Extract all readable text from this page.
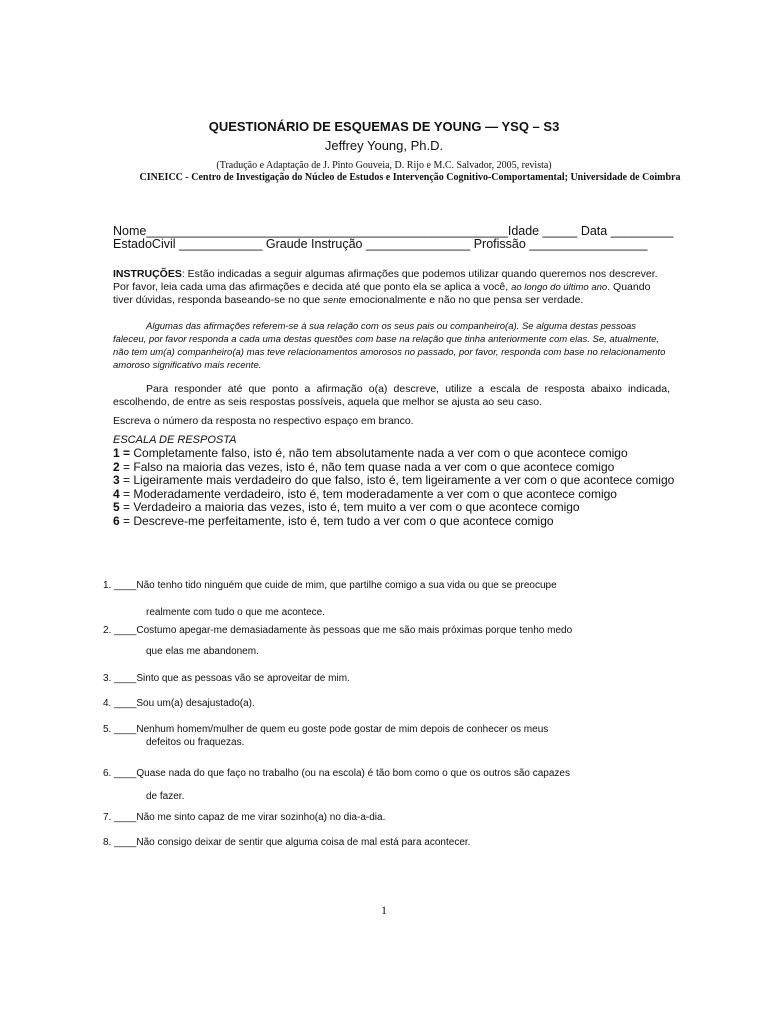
QUESTIONÁRIO DE ESQUEMAS DE YOUNG — YSQ – S3
Jeffrey Young, Ph.D.
(Tradução e Adaptação de J. Pinto Gouveia, D. Rijo e M.C. Salvador, 2005, revista)
CINEICC - Centro de Investigação do Núcleo de Estudos e Intervenção Cognitivo-Comportamental; Universidade de Coimbra
Nome____________________________________________________Idade _____ Data _________
EstadoCivil ____________ Graude Instrução _______________ Profissão _________________
INSTRUÇÕES: Estão indicadas a seguir algumas afirmações que podemos utilizar quando queremos nos descrever. Por favor, leia cada uma das afirmações e decida até que ponto ela se aplica a você, ao longo do último ano. Quando tiver dúvidas, responda baseando-se no que sente emocionalmente e não no que pensa ser verdade.
Algumas das afirmações referem-se à sua relação com os seus pais ou companheiro(a). Se alguma destas pessoas faleceu, por favor responda a cada uma destas questões com base na relação que tinha anteriormente com elas. Se, atualmente, não tem um(a) companheiro(a) mas teve relacionamentos amorosos no passado, por favor, responda com base no relacionamento amoroso significativo mais recente.
Para responder até que ponto a afirmação o(a) descreve, utilize a escala de resposta abaixo indicada, escolhendo, de entre as seis respostas possíveis, aquela que melhor se ajusta ao seu caso.
Escreva o número da resposta no respectivo espaço em branco.
ESCALA DE RESPOSTA
1 = Completamente falso, isto é, não tem absolutamente nada a ver com o que acontece comigo
2 = Falso na maioria das vezes, isto é, não tem quase nada a ver com o que acontece comigo
3 = Ligeiramente mais verdadeiro do que falso, isto é, tem ligeiramente a ver com o que acontece comigo
4 = Moderadamente verdadeiro, isto é, tem moderadamente a ver com o que acontece comigo
5 = Verdadeiro a maioria das vezes, isto é, tem muito a ver com o que acontece comigo
6 = Descreve-me perfeitamente, isto é, tem tudo a ver com o que acontece comigo
1. ____Não tenho tido ninguém que cuide de mim, que partilhe comigo a sua vida ou que se preocupe
realmente com tudo o que me acontece.
2. ____Costumo apegar-me demasiadamente às pessoas que me são mais próximas porque tenho medo
que elas me abandonem.
3. ____Sinto que as pessoas vão se aproveitar de mim.
4. ____Sou um(a) desajustado(a).
5. ____Nenhum homem/mulher de quem eu goste pode gostar de mim depois de conhecer os meus
defeitos ou fraquezas.
6. ____Quase nada do que faço no trabalho (ou na escola) é tão bom como o que os outros são capazes
de fazer.
7. ____Não me sinto capaz de me virar sozinho(a) no dia-a-dia.
8. ____Não consigo deixar de sentir que alguma coisa de mal está para acontecer.
1
